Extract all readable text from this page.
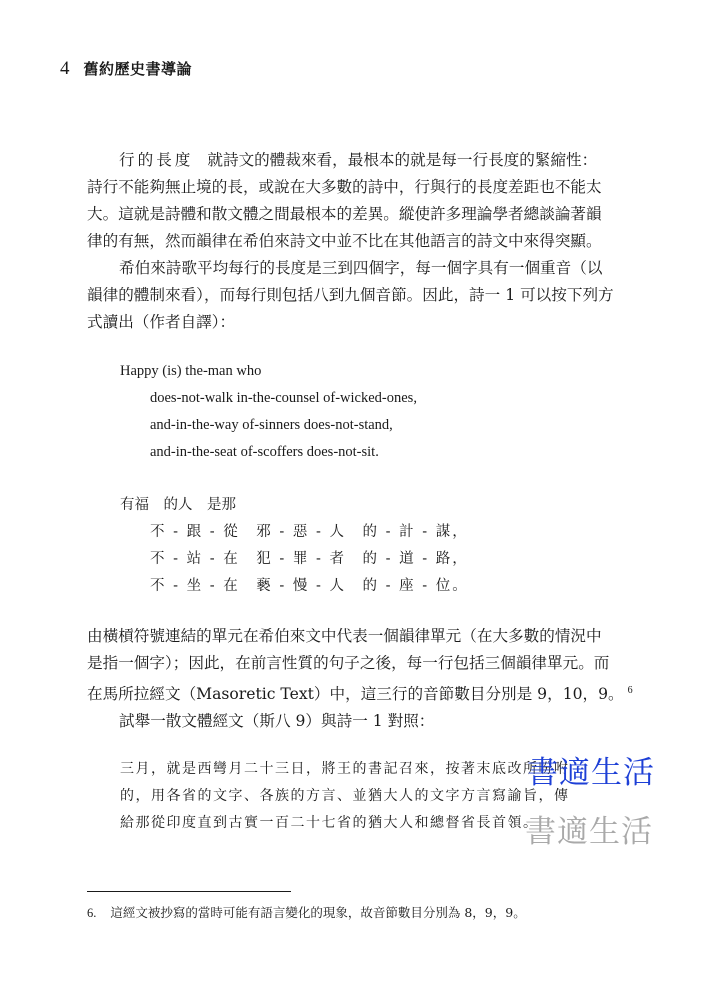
4 舊約歷史書導論

行的長度 就詩文的體裁來看，最根本的就是每一行長度的緊縮性：

詩行不能夠無止境的長，或說在大多數的詩中，行與行的長度差距也不能太

大。這就是詩體和散文體之間最根本的差異。縱使許多理論學者總談論著韻

律的有無，然而韻律在希伯來詩文中並不比在其他語言的詩文中來得突顯。

希伯來詩歌平均每行的長度是三到四個字，每一個字具有一個重音（以

韻律的體制來看），而每行則包括八到九個音節。因此，詩一 1 可以按下列方

式讀出（作者自譯）：

Happy (is) the-man who
does-not-walk in-the-counsel of-wicked-ones,
and-in-the-way of-sinners does-not-stand,
and-in-the-seat of-scoffers does-not-sit.
有福　的人　是那
不 - 跟 - 從　邪 - 惡 - 人　的 - 計 - 謀，
不 - 站 - 在　犯 - 罪 - 者　的 - 道 - 路，
不 - 坐 - 在　褻 - 慢 - 人　的 - 座 - 位。

由橫槓符號連結的單元在希伯來文中代表一個韻律單元（在大多數的情況中

是指一個字）；因此，在前言性質的句子之後，每一行包括三個韻律單元。而

在馬所拉經文（Masoretic Text）中，這三行的音節數目分別是 9，10，9。 $^6$

試舉一散文體經文（斯八 9）與詩一 1 對照：

三月，就是西彎月二十三日，將王的書記召來，按著末底改所吩咐
的，用各省的文字、各族的方言、並猶大人的文字方言寫諭旨，傳
給那從印度直到古實一百二十七省的猶大人和總督省長首領。
書適生活
書適生活
6. 這經文被抄寫的當時可能有語言變化的現象，故音節數目分別為 8，9，9。
